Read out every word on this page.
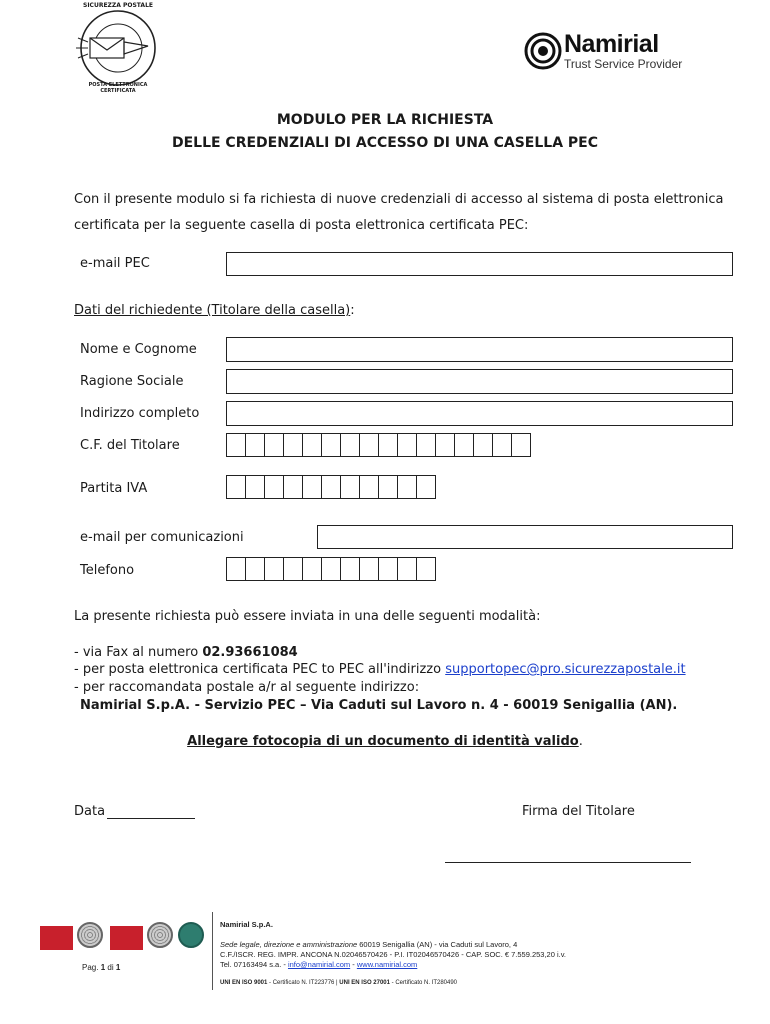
SICUREZZA POSTALE
POSTA ELETTRONICA CERTIFICATA
Namirial
Trust Service Provider
MODULO PER LA RICHIESTA
DELLE CREDENZIALI DI ACCESSO DI UNA CASELLA PEC
Con il presente modulo si fa richiesta di nuove credenziali di accesso al sistema di posta elettronica
certificata per la seguente casella di posta elettronica certificata PEC:
e-mail PEC
Dati del richiedente (Titolare della casella):
Nome e Cognome
Ragione Sociale
Indirizzo completo
C.F. del Titolare
Partita IVA
e-mail per comunicazioni
Telefono
La presente richiesta può essere inviata in una delle seguenti modalità:
- via Fax al numero 02.93661084
- per posta elettronica certificata PEC to PEC all'indirizzo supportopec@pro.sicurezzapostale.it
- per raccomandata postale a/r al seguente indirizzo:
Namirial S.p.A. - Servizio PEC – Via Caduti sul Lavoro n. 4 - 60019 Senigallia (AN).
Allegare fotocopia di un documento di identità valido.
Data	Firma del Titolare
Pag. 1 di 1
Namirial S.p.A.
Sede legale, direzione e amministrazione 60019 Senigallia (AN) - via Caduti sul Lavoro, 4
C.F./ISCR. REG. IMPR. ANCONA N.02046570426 - P.I. IT02046570426 - CAP. SOC. € 7.559.253,20 i.v.
Tel. 07163494 s.a. - info@namirial.com - www.namirial.com
UNI EN ISO 9001 - Certificato N. IT223776 | UNI EN ISO 27001 - Certificato N. IT280490
